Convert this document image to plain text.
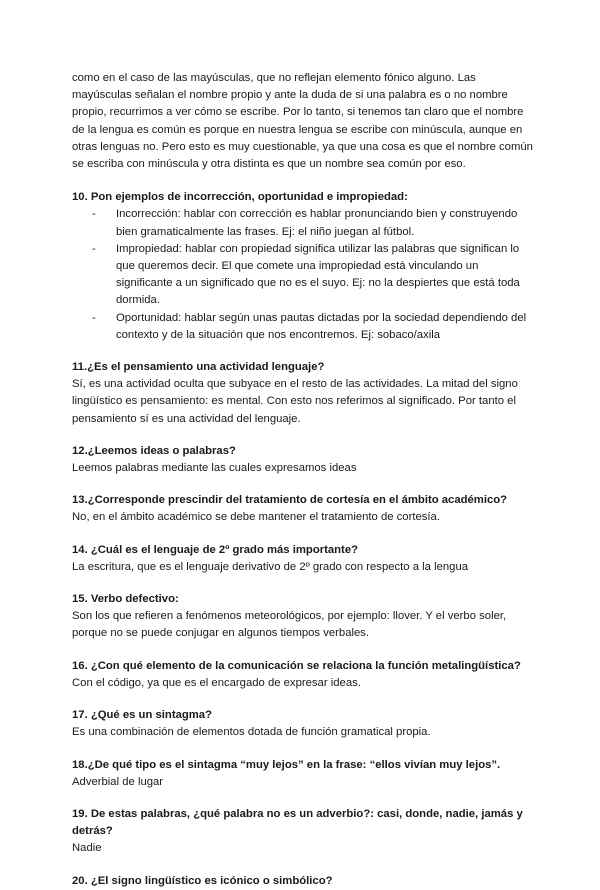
como en el caso de las mayúsculas, que no reflejan elemento fónico alguno. Las mayúsculas señalan el nombre propio y ante la duda de si una palabra es o no nombre propio, recurrimos a ver cómo se escribe. Por lo tanto, si tenemos tan claro que el nombre de la lengua es común es porque en nuestra lengua se escribe con minúscula, aunque en otras lenguas no. Pero esto es muy cuestionable, ya que una cosa es que el nombre común se escriba con minúscula y otra distinta es que un nombre sea común por eso.

10. Pon ejemplos de incorrección, oportunidad e impropiedad:

- Incorrección: hablar con corrección es hablar pronunciando bien y construyendo bien gramaticalmente las frases. Ej: el niño juegan al fútbol.
- Impropiedad: hablar con propiedad significa utilizar las palabras que significan lo que queremos decir. El que comete una impropiedad está vinculando un significante a un significado que no es el suyo. Ej: no la despiertes que está toda dormida.
- Oportunidad: hablar según unas pautas dictadas por la sociedad dependiendo del contexto y de la situación que nos encontremos. Ej: sobaco/axila

11.¿Es el pensamiento una actividad lenguaje?

Sí, es una actividad oculta que subyace en el resto de las actividades. La mitad del signo lingüístico es pensamiento: es mental. Con esto nos referimos al significado. Por tanto el pensamiento sí es una actividad del lenguaje.

12.¿Leemos ideas o palabras?

Leemos palabras mediante las cuales expresamos ideas

13.¿Corresponde prescindir del tratamiento de cortesía en el ámbito académico?

No, en el ámbito académico se debe mantener el tratamiento de cortesía.

14. ¿Cuál es el lenguaje de 2º grado más importante?

La escritura, que es el lenguaje derivativo de 2º grado con respecto a la lengua

15. Verbo defectivo:

Son los que refieren a fenómenos meteorológicos, por ejemplo: llover. Y el verbo soler, porque no se puede conjugar en algunos tiempos verbales.

16. ¿Con qué elemento de la comunicación se relaciona la función metalingüística?

Con el código, ya que es el encargado de expresar ideas.

17. ¿Qué es un sintagma?

Es una combinación de elementos dotada de función gramatical propia.

18.¿De qué tipo es el sintagma “muy lejos” en la frase: “ellos vivían muy lejos”.

Adverbial de lugar

19. De estas palabras, ¿qué palabra no es un adverbio?: casi, donde, nadie, jamás y detrás?

Nadie

20. ¿El signo lingüístico es icónico o simbólico?
